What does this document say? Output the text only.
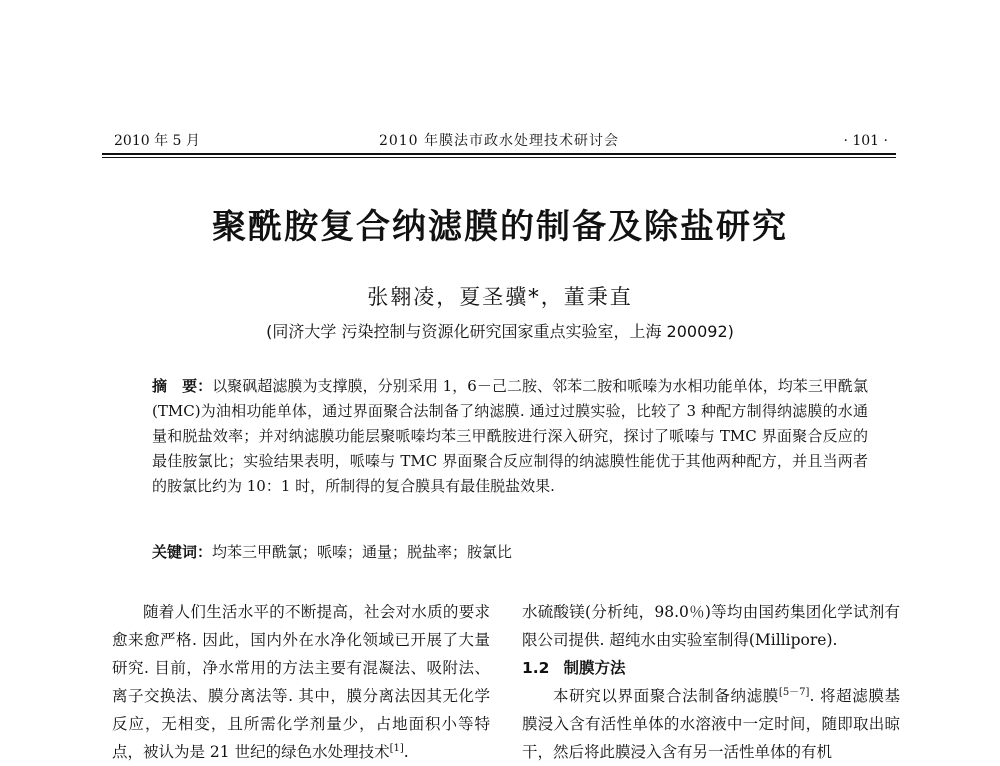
2010 年 5 月	2010 年膜法市政水处理技术研讨会	· 101 ·
聚酰胺复合纳滤膜的制备及除盐研究
张翱凌，夏圣骥*，董秉直
(同济大学 污染控制与资源化研究国家重点实验室，上海 200092)
摘　要：以聚砜超滤膜为支撑膜，分别采用 1，6－己二胺、邻苯二胺和哌嗪为水相功能单体，均苯三甲酰氯(TMC)为油相功能单体，通过界面聚合法制备了纳滤膜. 通过过膜实验，比较了 3 种配方制得纳滤膜的水通量和脱盐效率；并对纳滤膜功能层聚哌嗪均苯三甲酰胺进行深入研究，探讨了哌嗪与 TMC 界面聚合反应的最佳胺氯比；实验结果表明，哌嗪与 TMC 界面聚合反应制得的纳滤膜性能优于其他两种配方，并且当两者的胺氯比约为 10：1 时，所制得的复合膜具有最佳脱盐效果.
关键词：均苯三甲酰氯；哌嗪；通量；脱盐率；胺氯比

随着人们生活水平的不断提高，社会对水质的要求愈来愈严格. 因此，国内外在水净化领域已开展了大量研究. 目前，净水常用的方法主要有混凝法、吸附法、离子交换法、膜分离法等. 其中，膜分离法因其无化学反应，无相变，且所需化学剂量少，占地面积小等特点，被认为是 21 世纪的绿色水处理技术[1].

水硫酸镁(分析纯，98.0％)等均由国药集团化学试剂有限公司提供. 超纯水由实验室制得(Millipore).

1.2 制膜方法

本研究以界面聚合法制备纳滤膜[5－7]. 将超滤膜基膜浸入含有活性单体的水溶液中一定时间，随即取出晾干，然后将此膜浸入含有另一活性单体的有机
